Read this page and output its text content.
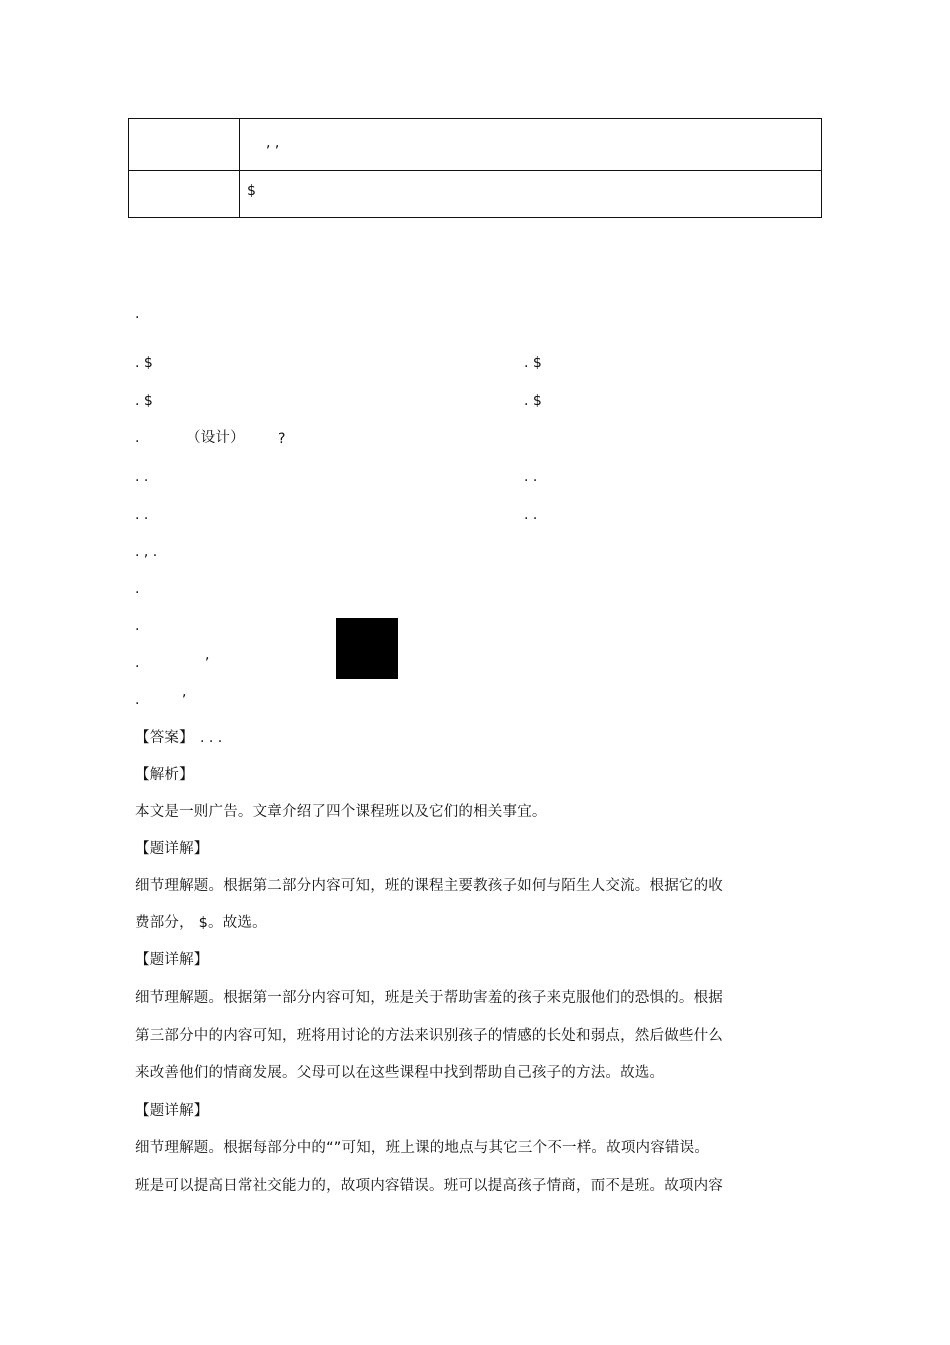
, ,
$
.
. $	. $
. $	. $
.	（设计） ?
. .	. .
. .	. .
. , .
.
.
.	,
.	,
【答案】 . . .
【解析】
本文是一则广告。文章介绍了四个课程班以及它们的相关事宜。
【题详解】
细节理解题。根据第二部分内容可知，班的课程主要教孩子如何与陌生人交流。根据它的收
费部分， $。故选。
【题详解】
细节理解题。根据第一部分内容可知，班是关于帮助害羞的孩子来克服他们的恐惧的。根据
第三部分中的内容可知，班将用讨论的方法来识别孩子的情感的长处和弱点，然后做些什么
来改善他们的情商发展。父母可以在这些课程中找到帮助自己孩子的方法。故选。
【题详解】
细节理解题。根据每部分中的“”可知，班上课的地点与其它三个不一样。故项内容错误。
班是可以提高日常社交能力的，故项内容错误。班可以提高孩子情商，而不是班。故项内容
